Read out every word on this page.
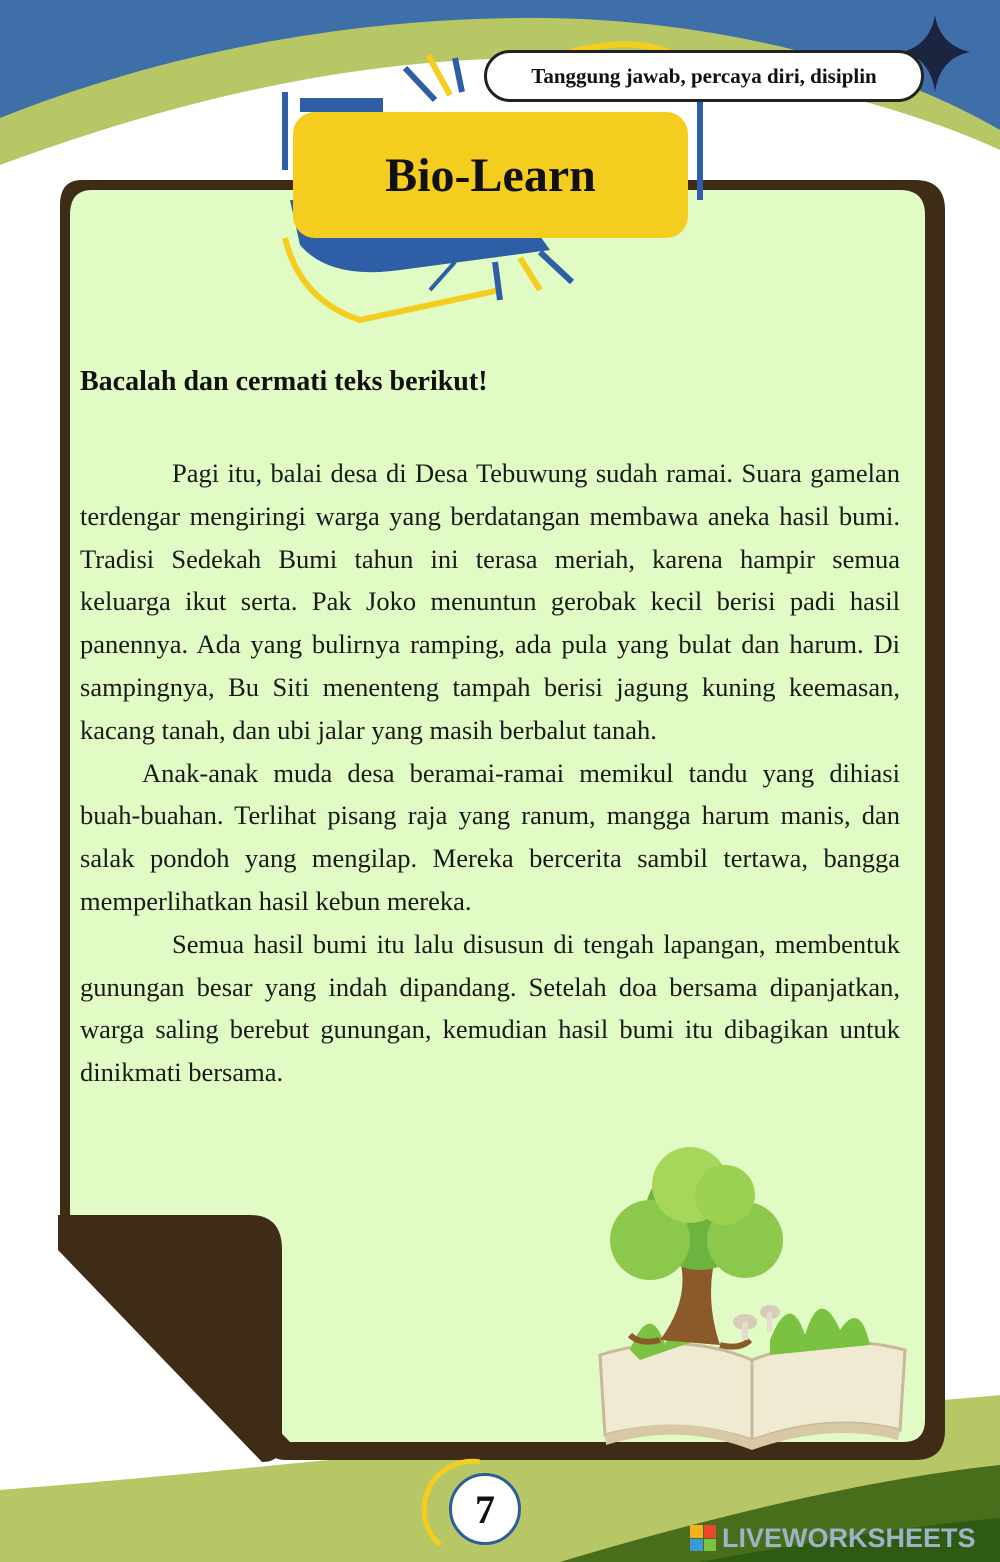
Tanggung jawab, percaya diri, disiplin
Bio-Learn
Bacalah dan cermati teks berikut!

Pagi itu, balai desa di Desa Tebuwung sudah ramai. Suara gamelan terdengar mengiringi warga yang berdatangan membawa aneka hasil bumi. Tradisi Sedekah Bumi tahun ini terasa meriah, karena hampir semua keluarga ikut serta. Pak Joko menuntun gerobak kecil berisi padi hasil panennya. Ada yang bulirnya ramping, ada pula yang bulat dan harum. Di sampingnya, Bu Siti menenteng tampah berisi jagung kuning keemasan, kacang tanah, dan ubi jalar yang masih berbalut tanah.

Anak-anak muda desa beramai-ramai memikul tandu yang dihiasi buah-buahan. Terlihat pisang raja yang ranum, mangga harum manis, dan salak pondoh yang mengilap. Mereka bercerita sambil tertawa, bangga memperlihatkan hasil kebun mereka.

Semua hasil bumi itu lalu disusun di tengah lapangan, membentuk gunungan besar yang indah dipandang. Setelah doa bersama dipanjatkan, warga saling berebut gunungan, kemudian hasil bumi itu dibagikan untuk dinikmati bersama.

7
LIVEWORKSHEETS
